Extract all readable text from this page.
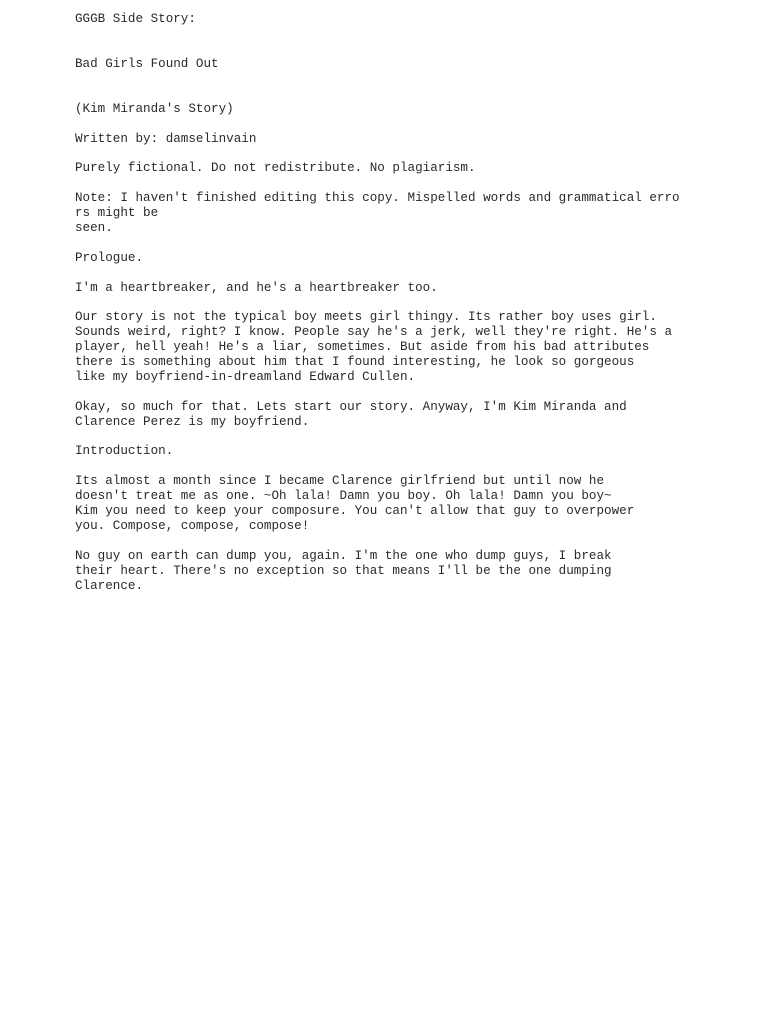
GGGB Side Story:

Bad Girls Found Out

(Kim Miranda's Story)

Written by: damselinvain

Purely fictional. Do not redistribute. No plagiarism.

Note: I haven't finished editing this copy. Mispelled words and grammatical erro

rs might be

seen.

Prologue.

I'm a heartbreaker, and he's a heartbreaker too.

Our story is not the typical boy meets girl thingy. Its rather boy uses girl.

Sounds weird, right? I know. People say he's a jerk, well they're right. He's a

player, hell yeah! He's a liar, sometimes. But aside from his bad attributes

there is something about him that I found interesting, he look so gorgeous

like my boyfriend-in-dreamland Edward Cullen.

Okay, so much for that. Lets start our story. Anyway, I'm Kim Miranda and

Clarence Perez is my boyfriend.

Introduction.

Its almost a month since I became Clarence girlfriend but until now he

doesn't treat me as one. ~Oh lala! Damn you boy. Oh lala! Damn you boy~

Kim you need to keep your composure. You can't allow that guy to overpower

you. Compose, compose, compose!

No guy on earth can dump you, again. I'm the one who dump guys, I break

their heart. There's no exception so that means I'll be the one dumping

Clarence.
